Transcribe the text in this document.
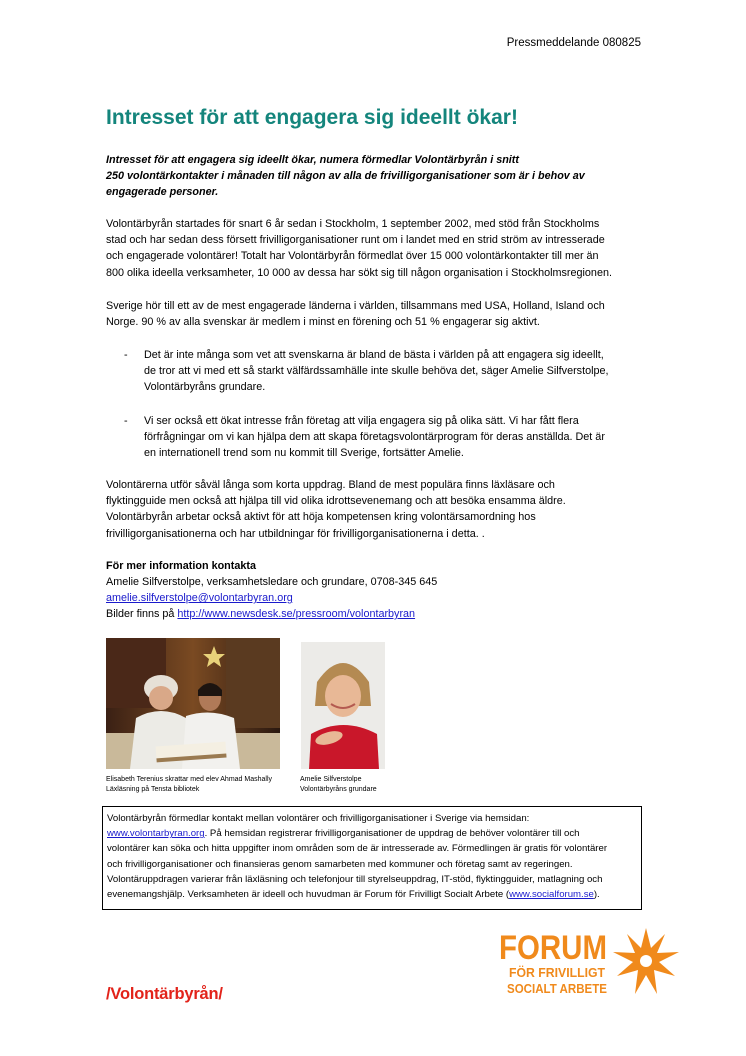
Pressmeddelande 080825
Intresset för att engagera sig ideellt ökar!
Intresset för att engagera sig ideellt ökar, numera förmedlar Volontärbyrån i snitt
250 volontärkontakter i månaden till någon av alla de frivilligorganisationer som är i behov av
engagerade personer.
Volontärbyrån startades för snart 6 år sedan i Stockholm, 1 september 2002, med stöd från Stockholms
stad och har sedan dess försett frivilligorganisationer runt om i landet med en strid ström av intresserade
och engagerade volontärer! Totalt har Volontärbyrån förmedlat över 15 000 volontärkontakter till mer än
800 olika ideella verksamheter, 10 000 av dessa har sökt sig till någon organisation i Stockholmsregionen.
Sverige hör till ett av de mest engagerade länderna i världen, tillsammans med USA, Holland, Island och
Norge. 90 % av alla svenskar är medlem i minst en förening och 51 % engagerar sig aktivt.
- Det är inte många som vet att svenskarna är bland de bästa i världen på att engagera sig ideellt,
de tror att vi med ett så starkt välfärdssamhälle inte skulle behöva det, säger Amelie Silfverstolpe,
Volontärbyråns grundare.
- Vi ser också ett ökat intresse från företag att vilja engagera sig på olika sätt. Vi har fått flera
förfrågningar om vi kan hjälpa dem att skapa företagsvolontärprogram för deras anställda. Det är
en internationell trend som nu kommit till Sverige, fortsätter Amelie.
Volontärerna utför såväl långa som korta uppdrag. Bland de mest populära finns läxläsare och
flyktingguide men också att hjälpa till vid olika idrottsevenemang och att besöka ensamma äldre.
Volontärbyrån arbetar också aktivt för att höja kompetensen kring volontärsamordning hos
frivilligorganisationerna och har utbildningar för frivilligorganisationerna i detta. .
För mer information kontakta
Amelie Silfverstolpe, verksamhetsledare och grundare, 0708-345 645
amelie.silfverstolpe@volontarbyran.org
Bilder finns på http://www.newsdesk.se/pressroom/volontarbyran
Elisabeth Terenius skrattar med elev Ahmad Mashally
Läxläsning på Tensta bibliotek
Amelie Silfverstolpe
Volontärbyråns grundare
Volontärbyrån förmedlar kontakt mellan volontärer och frivilligorganisationer i Sverige via hemsidan:
www.volontarbyran.org. På hemsidan registrerar frivilligorganisationer de uppdrag de behöver volontärer till och
volontärer kan söka och hitta uppgifter inom områden som de är intresserade av. Förmedlingen är gratis för volontärer
och frivilligorganisationer och finansieras genom samarbeten med kommuner och företag samt av regeringen.
Volontäruppdragen varierar från läxläsning och telefonjour till styrelseuppdrag, IT-stöd, flyktingguider, matlagning och
evenemangshjälp. Verksamheten är ideell och huvudman är Forum för Frivilligt Socialt Arbete (www.socialforum.se).
/Volontärbyrån/
FORUM
FÖR FRIVILLIGT
SOCIALT ARBETE
